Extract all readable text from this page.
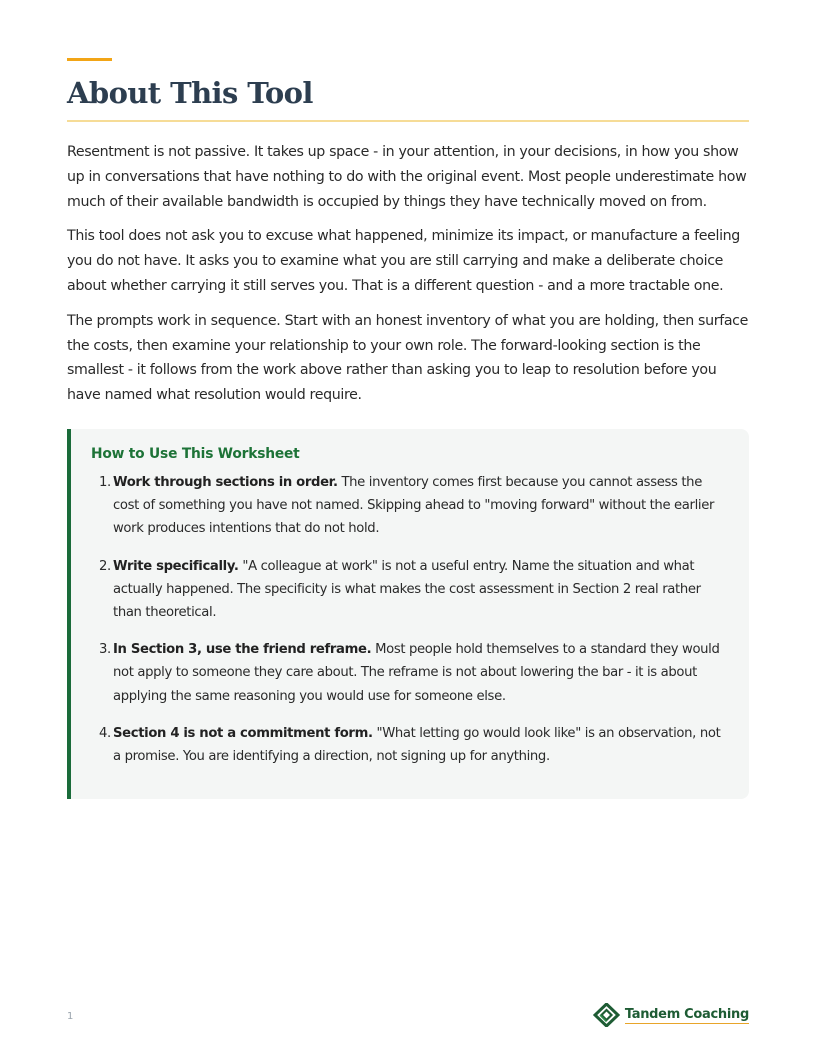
About This Tool

Resentment is not passive. It takes up space - in your attention, in your decisions, in how you show up in conversations that have nothing to do with the original event. Most people underestimate how much of their available bandwidth is occupied by things they have technically moved on from.

This tool does not ask you to excuse what happened, minimize its impact, or manufacture a feeling you do not have. It asks you to examine what you are still carrying and make a deliberate choice about whether carrying it still serves you. That is a different question - and a more tractable one.

The prompts work in sequence. Start with an honest inventory of what you are holding, then surface the costs, then examine your relationship to your own role. The forward-looking section is the smallest - it follows from the work above rather than asking you to leap to resolution before you have named what resolution would require.

How to Use This Worksheet
1. Work through sections in order. The inventory comes first because you cannot assess the cost of something you have not named. Skipping ahead to "moving forward" without the earlier work produces intentions that do not hold.
2. Write specifically. "A colleague at work" is not a useful entry. Name the situation and what actually happened. The specificity is what makes the cost assessment in Section 2 real rather than theoretical.
3. In Section 3, use the friend reframe. Most people hold themselves to a standard they would not apply to someone they care about. The reframe is not about lowering the bar - it is about applying the same reasoning you would use for someone else.
4. Section 4 is not a commitment form. "What letting go would look like" is an observation, not a promise. You are identifying a direction, not signing up for anything.
1	Tandem Coaching
